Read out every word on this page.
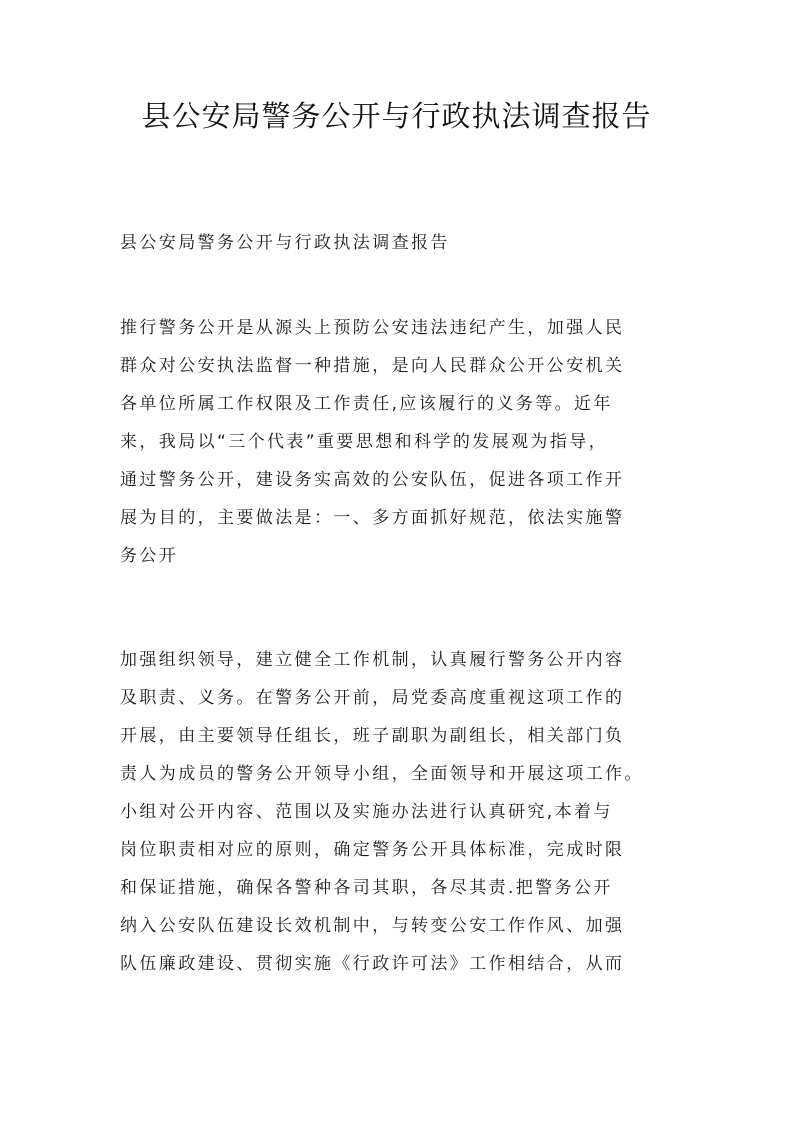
县公安局警务公开与行政执法调查报告
县公安局警务公开与行政执法调查报告
推行警务公开是从源头上预防公安违法违纪产生，加强人民
群众对公安执法监督一种措施，是向人民群众公开公安机关
各单位所属工作权限及工作责任,应该履行的义务等。近年
来，我局以“三个代表”重要思想和科学的发展观为指导，
通过警务公开，建设务实高效的公安队伍，促进各项工作开
展为目的，主要做法是：一、多方面抓好规范，依法实施警
务公开
加强组织领导，建立健全工作机制，认真履行警务公开内容
及职责、义务。在警务公开前，局党委高度重视这项工作的
开展，由主要领导任组长，班子副职为副组长，相关部门负
责人为成员的警务公开领导小组，全面领导和开展这项工作。
小组对公开内容、范围以及实施办法进行认真研究,本着与
岗位职责相对应的原则，确定警务公开具体标准，完成时限
和保证措施，确保各警种各司其职，各尽其责.把警务公开
纳入公安队伍建设长效机制中，与转变公安工作作风、加强
队伍廉政建设、贯彻实施《行政许可法》工作相结合，从而
